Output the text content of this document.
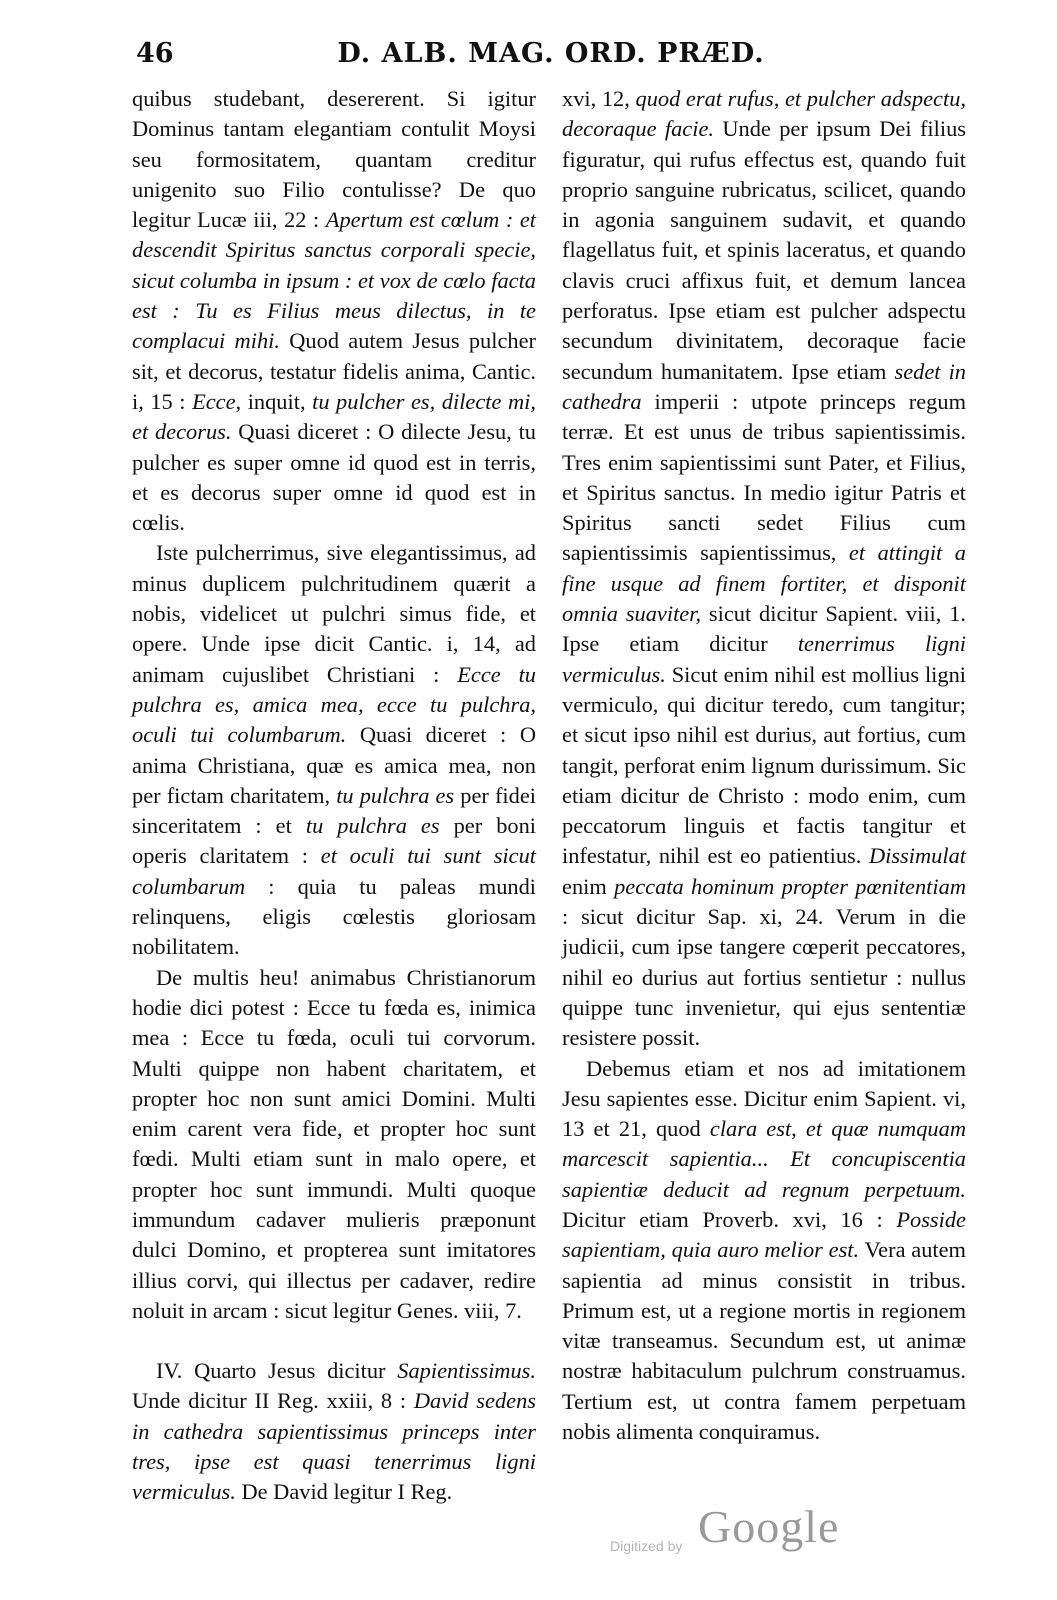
46	D. ALB. MAG. ORD. PRÆD.

quibus studebant, desererent. Si igitur Dominus tantam elegantiam contulit Moysi seu formositatem, quantam creditur unigenito suo Filio contulisse? De quo legitur Lucæ iii, 22 : Apertum est cœlum : et descendit Spiritus sanctus corporali specie, sicut columba in ipsum : et vox de cœlo facta est : Tu es Filius meus dilectus, in te complacui mihi. Quod autem Jesus pulcher sit, et decorus, testatur fidelis anima, Cantic. i, 15 : Ecce, inquit, tu pulcher es, dilecte mi, et decorus. Quasi diceret : O dilecte Jesu, tu pulcher es super omne id quod est in terris, et es decorus super omne id quod est in cœlis.

Iste pulcherrimus, sive elegantissimus, ad minus duplicem pulchritudinem quærit a nobis, videlicet ut pulchri simus fide, et opere. Unde ipse dicit Cantic. i, 14, ad animam cujuslibet Christiani : Ecce tu pulchra es, amica mea, ecce tu pulchra, oculi tui columbarum. Quasi diceret : O anima Christiana, quæ es amica mea, non per fictam charitatem, tu pulchra es per fidei sinceritatem : et tu pulchra es per boni operis claritatem : et oculi tui sunt sicut columbarum : quia tu paleas mundi relinquens, eligis cœlestis gloriosam nobilitatem.

De multis heu! animabus Christianorum hodie dici potest : Ecce tu fœda es, inimica mea : Ecce tu fœda, oculi tui corvorum. Multi quippe non habent charitatem, et propter hoc non sunt amici Domini. Multi enim carent vera fide, et propter hoc sunt fœdi. Multi etiam sunt in malo opere, et propter hoc sunt immundi. Multi quoque immundum cadaver mulieris præponunt dulci Domino, et propterea sunt imitatores illius corvi, qui illectus per cadaver, redire noluit in arcam : sicut legitur Genes. viii, 7.

IV. Quarto Jesus dicitur Sapientissimus. Unde dicitur II Reg. xxiii, 8 : David sedens in cathedra sapientissimus princeps inter tres, ipse est quasi tenerrimus ligni vermiculus. De David legitur I Reg.

xvi, 12, quod erat rufus, et pulcher adspectu, decoraque facie. Unde per ipsum Dei filius figuratur, qui rufus effectus est, quando fuit proprio sanguine rubricatus, scilicet, quando in agonia sanguinem sudavit, et quando flagellatus fuit, et spinis laceratus, et quando clavis cruci affixus fuit, et demum lancea perforatus. Ipse etiam est pulcher adspectu secundum divinitatem, decoraque facie secundum humanitatem. Ipse etiam sedet in cathedra imperii : utpote princeps regum terræ. Et est unus de tribus sapientissimis. Tres enim sapientissimi sunt Pater, et Filius, et Spiritus sanctus. In medio igitur Patris et Spiritus sancti sedet Filius cum sapientissimis sapientissimus, et attingit a fine usque ad finem fortiter, et disponit omnia suaviter, sicut dicitur Sapient. viii, 1. Ipse etiam dicitur tenerrimus ligni vermiculus. Sicut enim nihil est mollius ligni vermiculo, qui dicitur teredo, cum tangitur; et sicut ipso nihil est durius, aut fortius, cum tangit, perforat enim lignum durissimum. Sic etiam dicitur de Christo : modo enim, cum peccatorum linguis et factis tangitur et infestatur, nihil est eo patientius. Dissimulat enim peccata hominum propter pœnitentiam : sicut dicitur Sap. xi, 24. Verum in die judicii, cum ipse tangere cœperit peccatores, nihil eo durius aut fortius sentietur : nullus quippe tunc invenietur, qui ejus sententiæ resistere possit.

Debemus etiam et nos ad imitationem Jesu sapientes esse. Dicitur enim Sapient. vi, 13 et 21, quod clara est, et quæ numquam marcescit sapientia... Et concupiscentia sapientiæ deducit ad regnum perpetuum. Dicitur etiam Proverb. xvi, 16 : Posside sapientiam, quia auro melior est. Vera autem sapientia ad minus consistit in tribus. Primum est, ut a regione mortis in regionem vitæ transeamus. Secundum est, ut animæ nostræ habitaculum pulchrum construamus. Tertium est, ut contra famem perpetuam nobis alimenta conquiramus.

Digitized by Google
